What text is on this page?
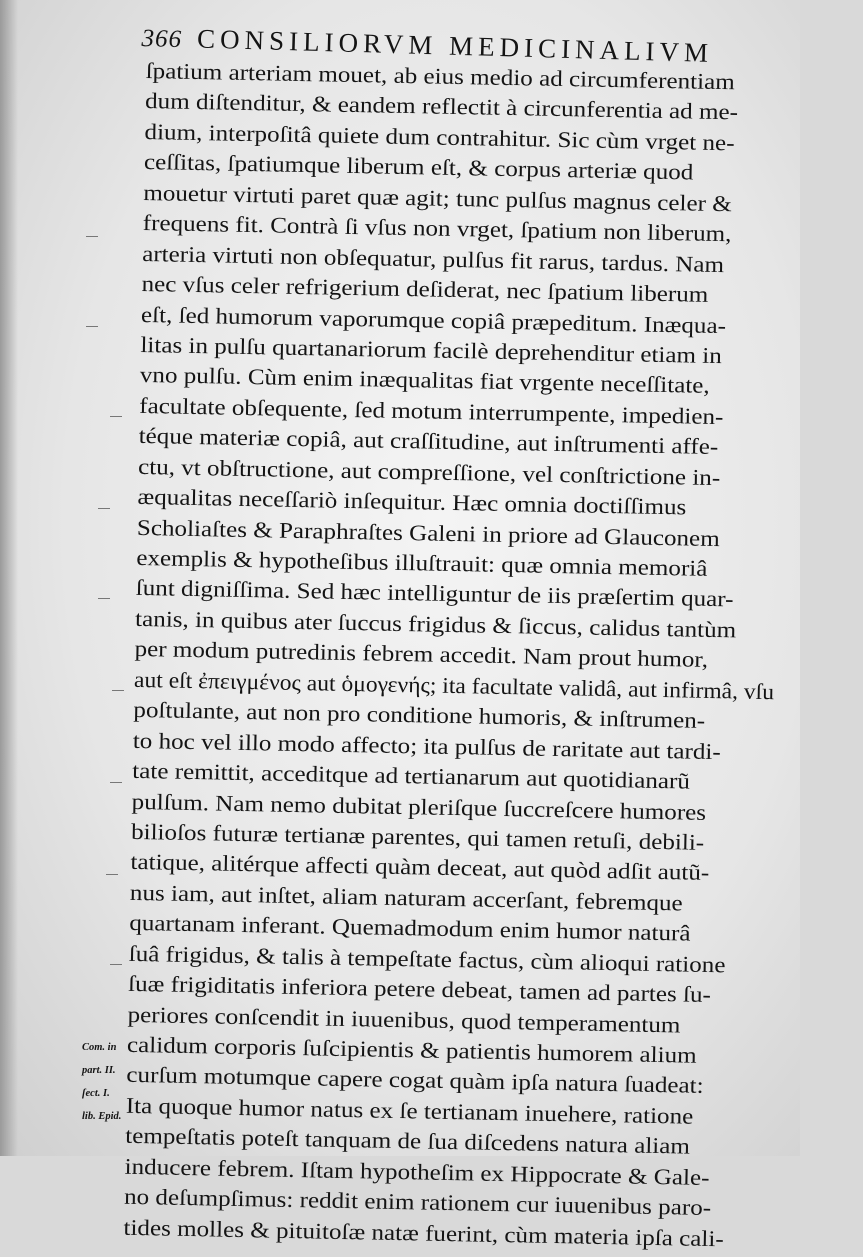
366 CONSILIORVM MEDICINALIVM
ſpatium arteriam mouet, ab eius medio ad circumferentiam
dum diſtenditur, & eandem reflectit à circunferentia ad me-
dium, interpoſitâ quiete dum contrahitur. Sic cùm vrget ne-
ceſſitas, ſpatiumque liberum eſt, & corpus arteriæ quod
mouetur virtuti paret quæ agit; tunc pulſus magnus celer &
frequens fit. Contrà ſi vſus non vrget, ſpatium non liberum,
arteria virtuti non obſequatur, pulſus fit rarus, tardus. Nam
nec vſus celer refrigerium deſiderat, nec ſpatium liberum
eſt, ſed humorum vaporumque copiâ præpeditum. Inæqua-
litas in pulſu quartanariorum facilè deprehenditur etiam in
vno pulſu. Cùm enim inæqualitas fiat vrgente neceſſitate,
facultate obſequente, ſed motum interrumpente, impedien-
téque materiæ copiâ, aut craſſitudine, aut inſtrumenti affe-
ctu, vt obſtructione, aut compreſſione, vel conſtrictione in-
æqualitas neceſſariò inſequitur. Hæc omnia doctiſſimus
Scholiaſtes & Paraphraſtes Galeni in priore ad Glauconem
exemplis & hypotheſibus illuſtrauit: quæ omnia memoriâ
ſunt digniſſima. Sed hæc intelliguntur de iis præſertim quar-
tanis, in quibus ater ſuccus frigidus & ſiccus, calidus tantùm
per modum putredinis febrem accedit. Nam prout humor,
aut eſt ἐπειγμένος aut ὁμογενής; ita facultate validâ, aut infirmâ, vſu
poſtulante, aut non pro conditione humoris, & inſtrumen-
to hoc vel illo modo affecto; ita pulſus de raritate aut tardi-
tate remittit, acceditque ad tertianarum aut quotidianarũ
pulſum. Nam nemo dubitat pleriſque ſuccreſcere humores
bilioſos futuræ tertianæ parentes, qui tamen retuſi, debili-
tatique, alitérque affecti quàm deceat, aut quòd adſit autũ-
nus iam, aut inſtet, aliam naturam accerſant, febremque
quartanam inferant. Quemadmodum enim humor naturâ
ſuâ frigidus, & talis à tempeſtate factus, cùm alioqui ratione
ſuæ frigiditatis inferiora petere debeat, tamen ad partes ſu-
periores conſcendit in iuuenibus, quod temperamentum
calidum corporis ſuſcipientis & patientis humorem alium
curſum motumque capere cogat quàm ipſa natura ſuadeat:
Ita quoque humor natus ex ſe tertianam inuehere, ratione
tempeſtatis poteſt tanquam de ſua diſcedens natura aliam
inducere febrem. Iſtam hypotheſim ex Hippocrate & Gale-
no deſumpſimus: reddit enim rationem cur iuuenibus paro-
tides molles & pituitoſæ natæ fuerint, cùm materia ipſa cali-
Com. in
part. II.
ſect. I.
lib. Epid.
